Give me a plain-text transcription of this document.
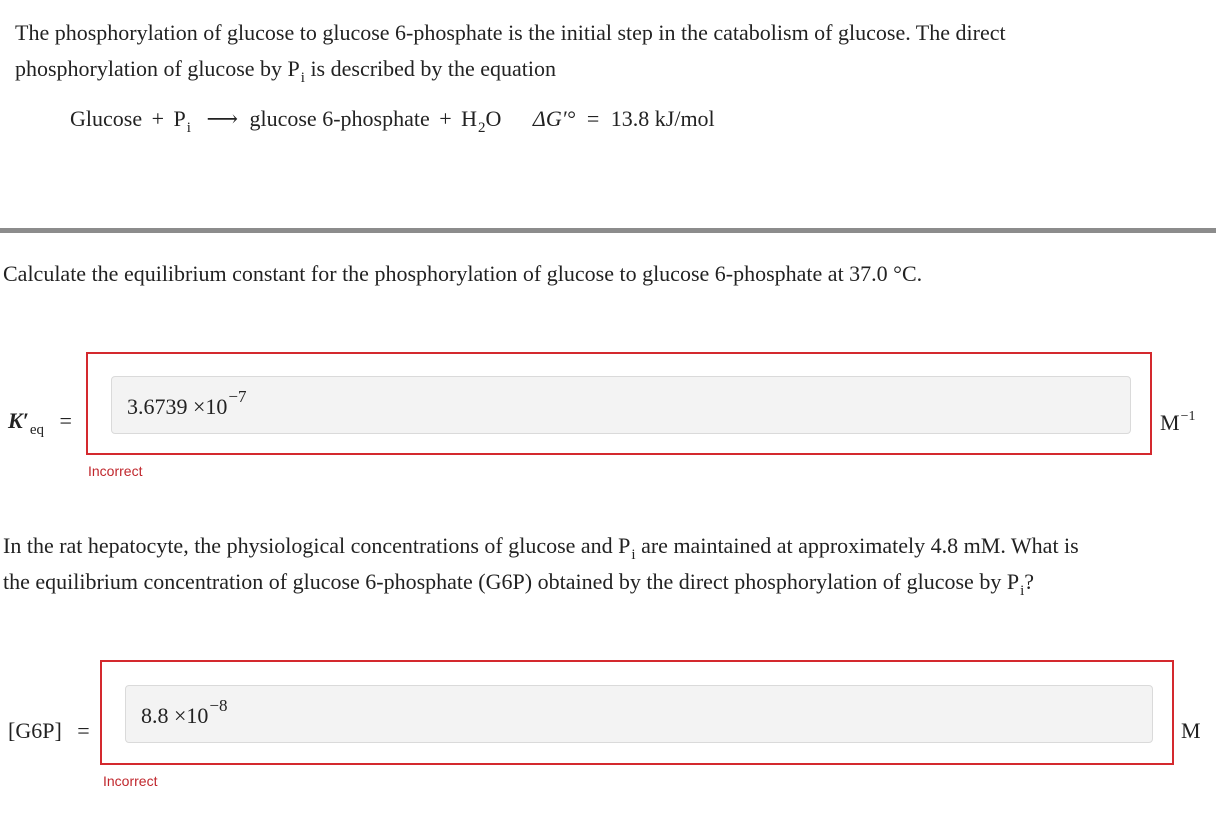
The phosphorylation of glucose to glucose 6-phosphate is the initial step in the catabolism of glucose. The direct
phosphorylation of glucose by $P_i$ is described by the equation
$Glucose + P_i$ ⟶ glucose 6-phosphate + $H_2O$ ΔG′° = 13.8 kJ/mol
Calculate the equilibrium constant for the phosphorylation of glucose to glucose 6-phosphate at 37.0 °C.
$K'_{eq}$ =
$3.6739 \times 10^{-7}$
$M^{-1}$
Incorrect
In the rat hepatocyte, the physiological concentrations of glucose and $P_i$ are maintained at approximately 4.8 mM. What is
the equilibrium concentration of glucose 6-phosphate (G6P) obtained by the direct phosphorylation of glucose by $P_i$?
[G6P] =
$8.8 \times 10^{-8}$
M
Incorrect
